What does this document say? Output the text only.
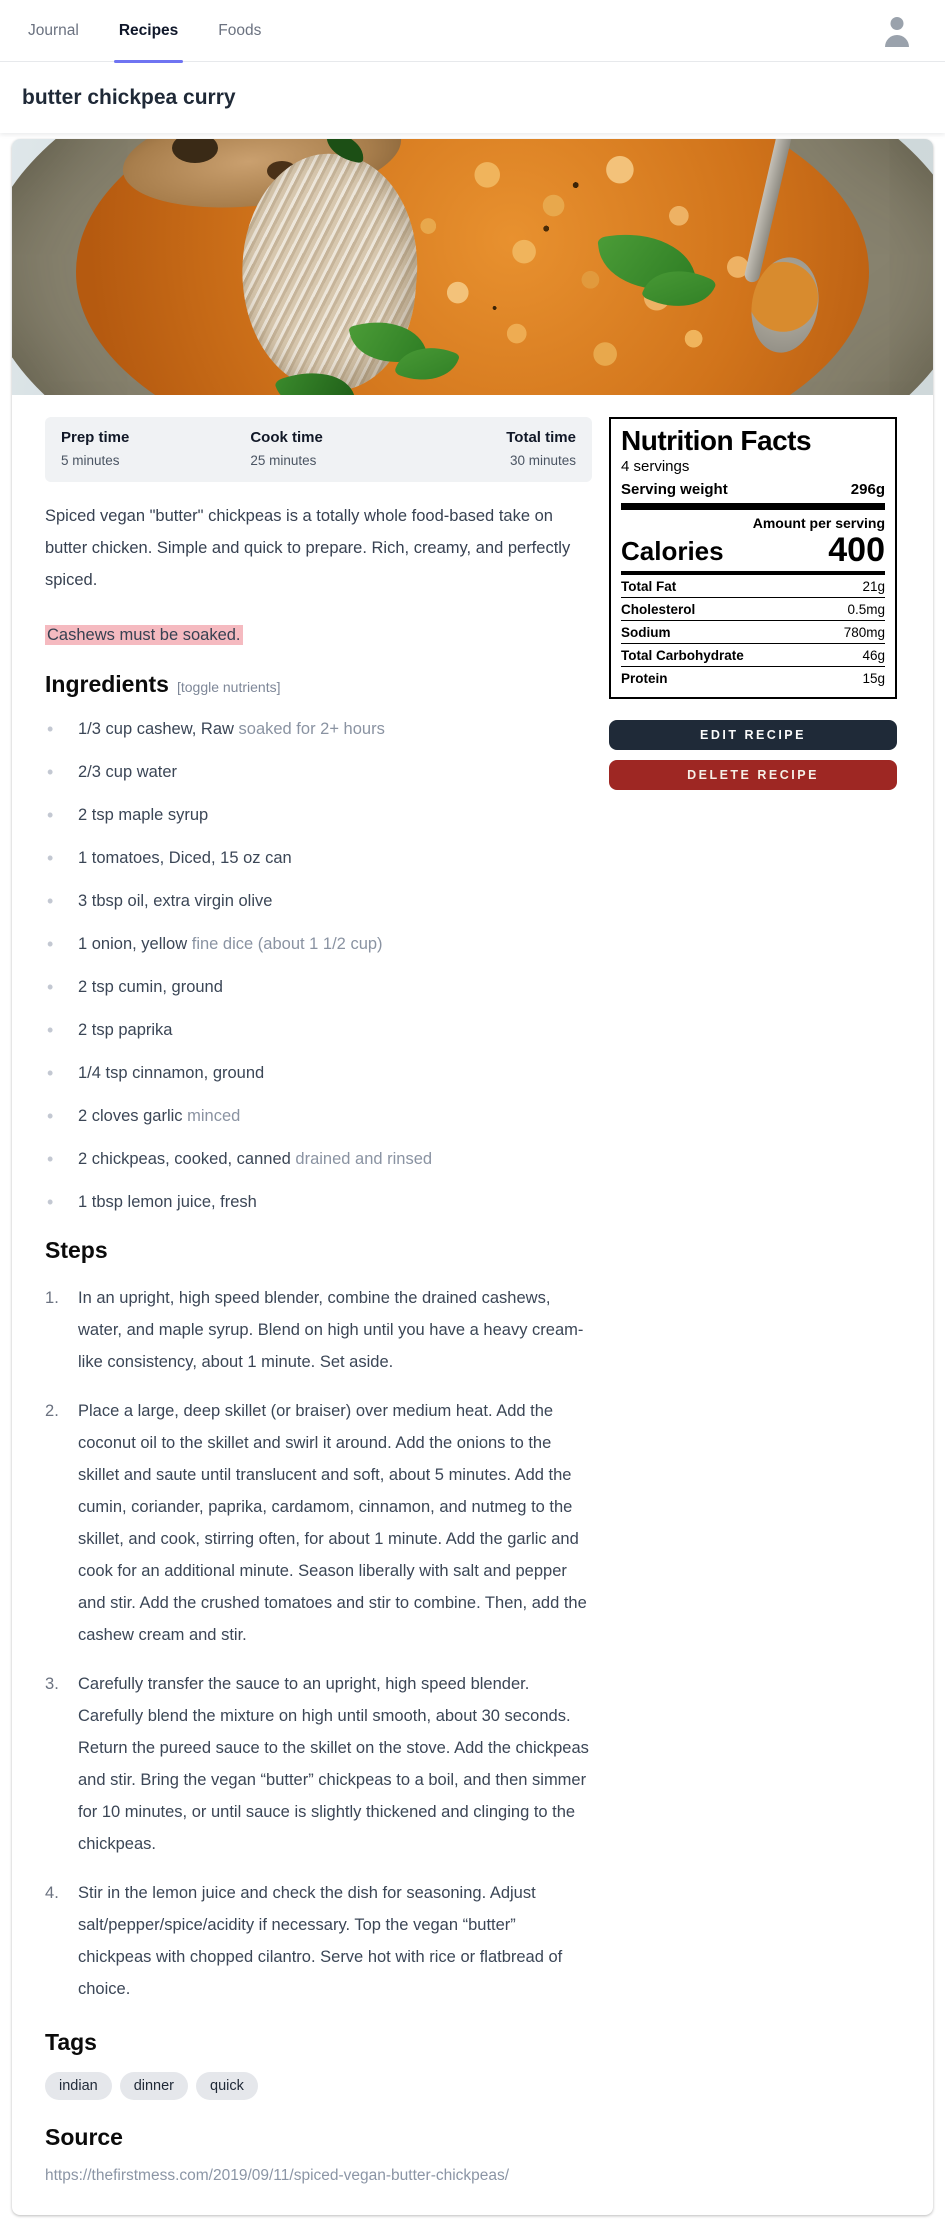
Journal	Recipes	Foods
butter chickpea curry
Prep time
5 minutes
Cook time
25 minutes
Total time
30 minutes

Spiced vegan "butter" chickpeas is a totally whole food-based take on butter chicken. Simple and quick to prepare. Rich, creamy, and perfectly spiced.

Cashews must be soaked.

Ingredients [toggle nutrients]
• 1/3 cup cashew, Raw soaked for 2+ hours
• 2/3 cup water
• 2 tsp maple syrup
• 1 tomatoes, Diced, 15 oz can
• 3 tbsp oil, extra virgin olive
• 1 onion, yellow fine dice (about 1 1/2 cup)
• 2 tsp cumin, ground
• 2 tsp paprika
• 1/4 tsp cinnamon, ground
• 2 cloves garlic minced
• 2 chickpeas, cooked, canned drained and rinsed
• 1 tbsp lemon juice, fresh
Steps
In an upright, high speed blender, combine the drained cashews, water, and maple syrup. Blend on high until you have a heavy cream-like consistency, about 1 minute. Set aside.
Place a large, deep skillet (or braiser) over medium heat. Add the coconut oil to the skillet and swirl it around. Add the onions to the skillet and saute until translucent and soft, about 5 minutes. Add the cumin, coriander, paprika, cardamom, cinnamon, and nutmeg to the skillet, and cook, stirring often, for about 1 minute. Add the garlic and cook for an additional minute. Season liberally with salt and pepper and stir. Add the crushed tomatoes and stir to combine. Then, add the cashew cream and stir.
Carefully transfer the sauce to an upright, high speed blender. Carefully blend the mixture on high until smooth, about 30 seconds. Return the pureed sauce to the skillet on the stove. Add the chickpeas and stir. Bring the vegan “butter” chickpeas to a boil, and then simmer for 10 minutes, or until sauce is slightly thickened and clinging to the chickpeas.
Stir in the lemon juice and check the dish for seasoning. Adjust salt/pepper/spice/acidity if necessary. Top the vegan “butter” chickpeas with chopped cilantro. Serve hot with rice or flatbread of choice.
Tags
indian	dinner	quick
Source

https://thefirstmess.com/2019/09/11/spiced-vegan-butter-chickpeas/

Nutrition Facts
4 servings
Serving weight	296g
Amount per serving
Calories	400
Total Fat	21g
Cholesterol	0.5mg
Sodium	780mg
Total Carbohydrate	46g
Protein	15g
EDIT RECIPE
DELETE RECIPE
